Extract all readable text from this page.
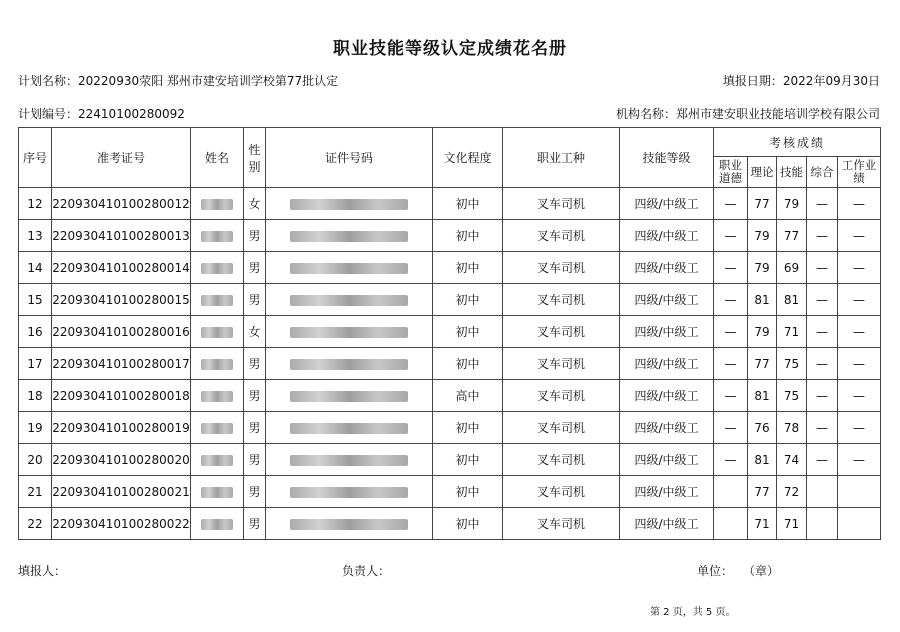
职业技能等级认定成绩花名册
计划名称：20220930荥阳 郑州市建安培训学校第77批认定	填报日期：2022年09月30日
计划编号：22410100280092	机构名称：郑州市建安职业技能培训学校有限公司
序号	准考证号	姓名	性别	证件号码	文化程度	职业工种	技能等级	考核成绩				
								职业道德	理论	技能	综合	工作业绩
12	220930410100280012		女		初中	叉车司机	四级/中级工	—	77	79	—	—
13	220930410100280013		男		初中	叉车司机	四级/中级工	—	79	77	—	—
14	220930410100280014		男		初中	叉车司机	四级/中级工	—	79	69	—	—
15	220930410100280015		男		初中	叉车司机	四级/中级工	—	81	81	—	—
16	220930410100280016		女		初中	叉车司机	四级/中级工	—	79	71	—	—
17	220930410100280017		男		初中	叉车司机	四级/中级工	—	77	75	—	—
18	220930410100280018		男		高中	叉车司机	四级/中级工	—	81	75	—	—
19	220930410100280019		男		初中	叉车司机	四级/中级工	—	76	78	—	—
20	220930410100280020		男		初中	叉车司机	四级/中级工	—	81	74	—	—
21	220930410100280021		男		初中	叉车司机	四级/中级工		77	72		
22	220930410100280022		男		初中	叉车司机	四级/中级工		71	71		
填报人：	负责人：	单位： （章）
第 2 页，共 5 页。
